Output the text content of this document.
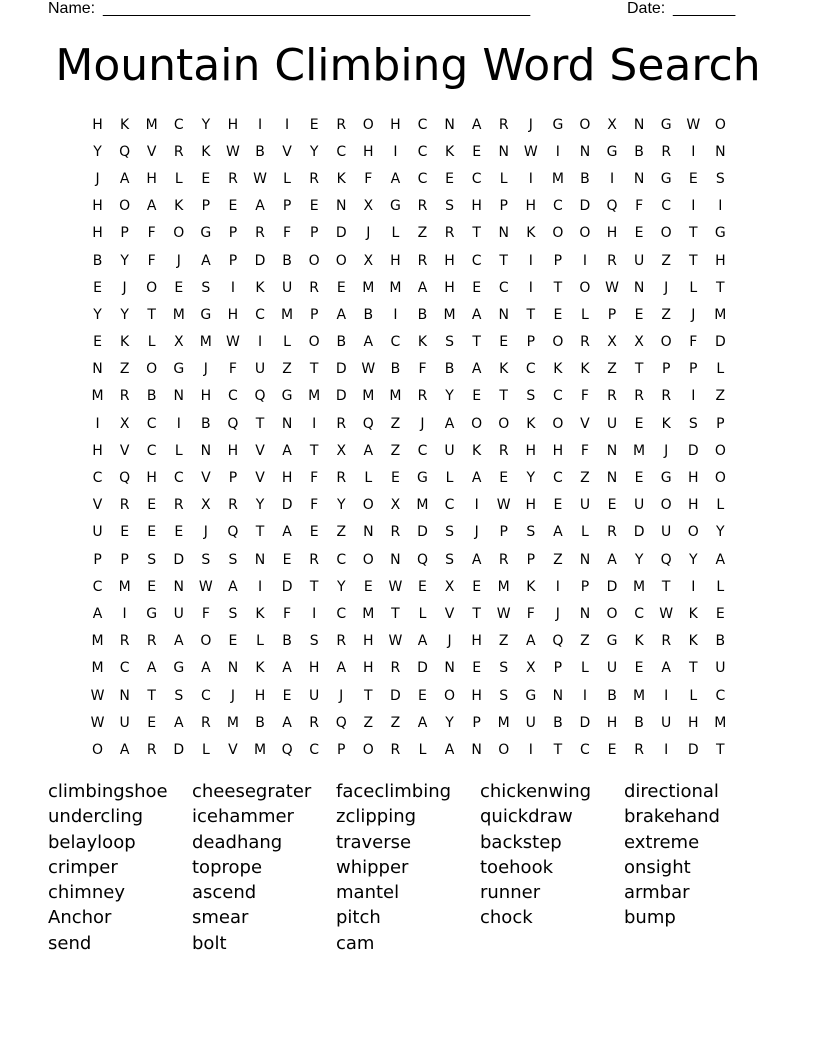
Name: ________________________________________________	Date: _______
Mountain Climbing Word Search
H	K	M	C	Y	H	I	I	E	R	O	H	C	N	A	R	J	G	O	X	N	G	W	O
Y	Q	V	R	K	W	B	V	Y	C	H	I	C	K	E	N	W	I	N	G	B	R	I	N
J	A	H	L	E	R	W	L	R	K	F	A	C	E	C	L	I	M	B	I	N	G	E	S
H	O	A	K	P	E	A	P	E	N	X	G	R	S	H	P	H	C	D	Q	F	C	I	I
H	P	F	O	G	P	R	F	P	D	J	L	Z	R	T	N	K	O	O	H	E	O	T	G
B	Y	F	J	A	P	D	B	O	O	X	H	R	H	C	T	I	P	I	R	U	Z	T	H
E	J	O	E	S	I	K	U	R	E	M	M	A	H	E	C	I	T	O	W	N	J	L	T
Y	Y	T	M	G	H	C	M	P	A	B	I	B	M	A	N	T	E	L	P	E	Z	J	M
E	K	L	X	M	W	I	L	O	B	A	C	K	S	T	E	P	O	R	X	X	O	F	D
N	Z	O	G	J	F	U	Z	T	D	W	B	F	B	A	K	C	K	K	Z	T	P	P	L
M	R	B	N	H	C	Q	G	M	D	M	M	R	Y	E	T	S	C	F	R	R	R	I	Z
I	X	C	I	B	Q	T	N	I	R	Q	Z	J	A	O	O	K	O	V	U	E	K	S	P
H	V	C	L	N	H	V	A	T	X	A	Z	C	U	K	R	H	H	F	N	M	J	D	O
C	Q	H	C	V	P	V	H	F	R	L	E	G	L	A	E	Y	C	Z	N	E	G	H	O
V	R	E	R	X	R	Y	D	F	Y	O	X	M	C	I	W	H	E	U	E	U	O	H	L
U	E	E	E	J	Q	T	A	E	Z	N	R	D	S	J	P	S	A	L	R	D	U	O	Y
P	P	S	D	S	S	N	E	R	C	O	N	Q	S	A	R	P	Z	N	A	Y	Q	Y	A
C	M	E	N	W	A	I	D	T	Y	E	W	E	X	E	M	K	I	P	D	M	T	I	L
A	I	G	U	F	S	K	F	I	C	M	T	L	V	T	W	F	J	N	O	C	W	K	E
M	R	R	A	O	E	L	B	S	R	H	W	A	J	H	Z	A	Q	Z	G	K	R	K	B
M	C	A	G	A	N	K	A	H	A	H	R	D	N	E	S	X	P	L	U	E	A	T	U
W	N	T	S	C	J	H	E	U	J	T	D	E	O	H	S	G	N	I	B	M	I	L	C
W	U	E	A	R	M	B	A	R	Q	Z	Z	A	Y	P	M	U	B	D	H	B	U	H	M
O	A	R	D	L	V	M	Q	C	P	O	R	L	A	N	O	I	T	C	E	R	I	D	T
climbingshoe	cheesegrater	faceclimbing	chickenwing	directional
undercling	icehammer	zclipping	quickdraw	brakehand
belayloop	deadhang	traverse	backstep	extreme
crimper	toprope	whipper	toehook	onsight
chimney	ascend	mantel	runner	armbar
Anchor	smear	pitch	chock	bump
send	bolt	cam
